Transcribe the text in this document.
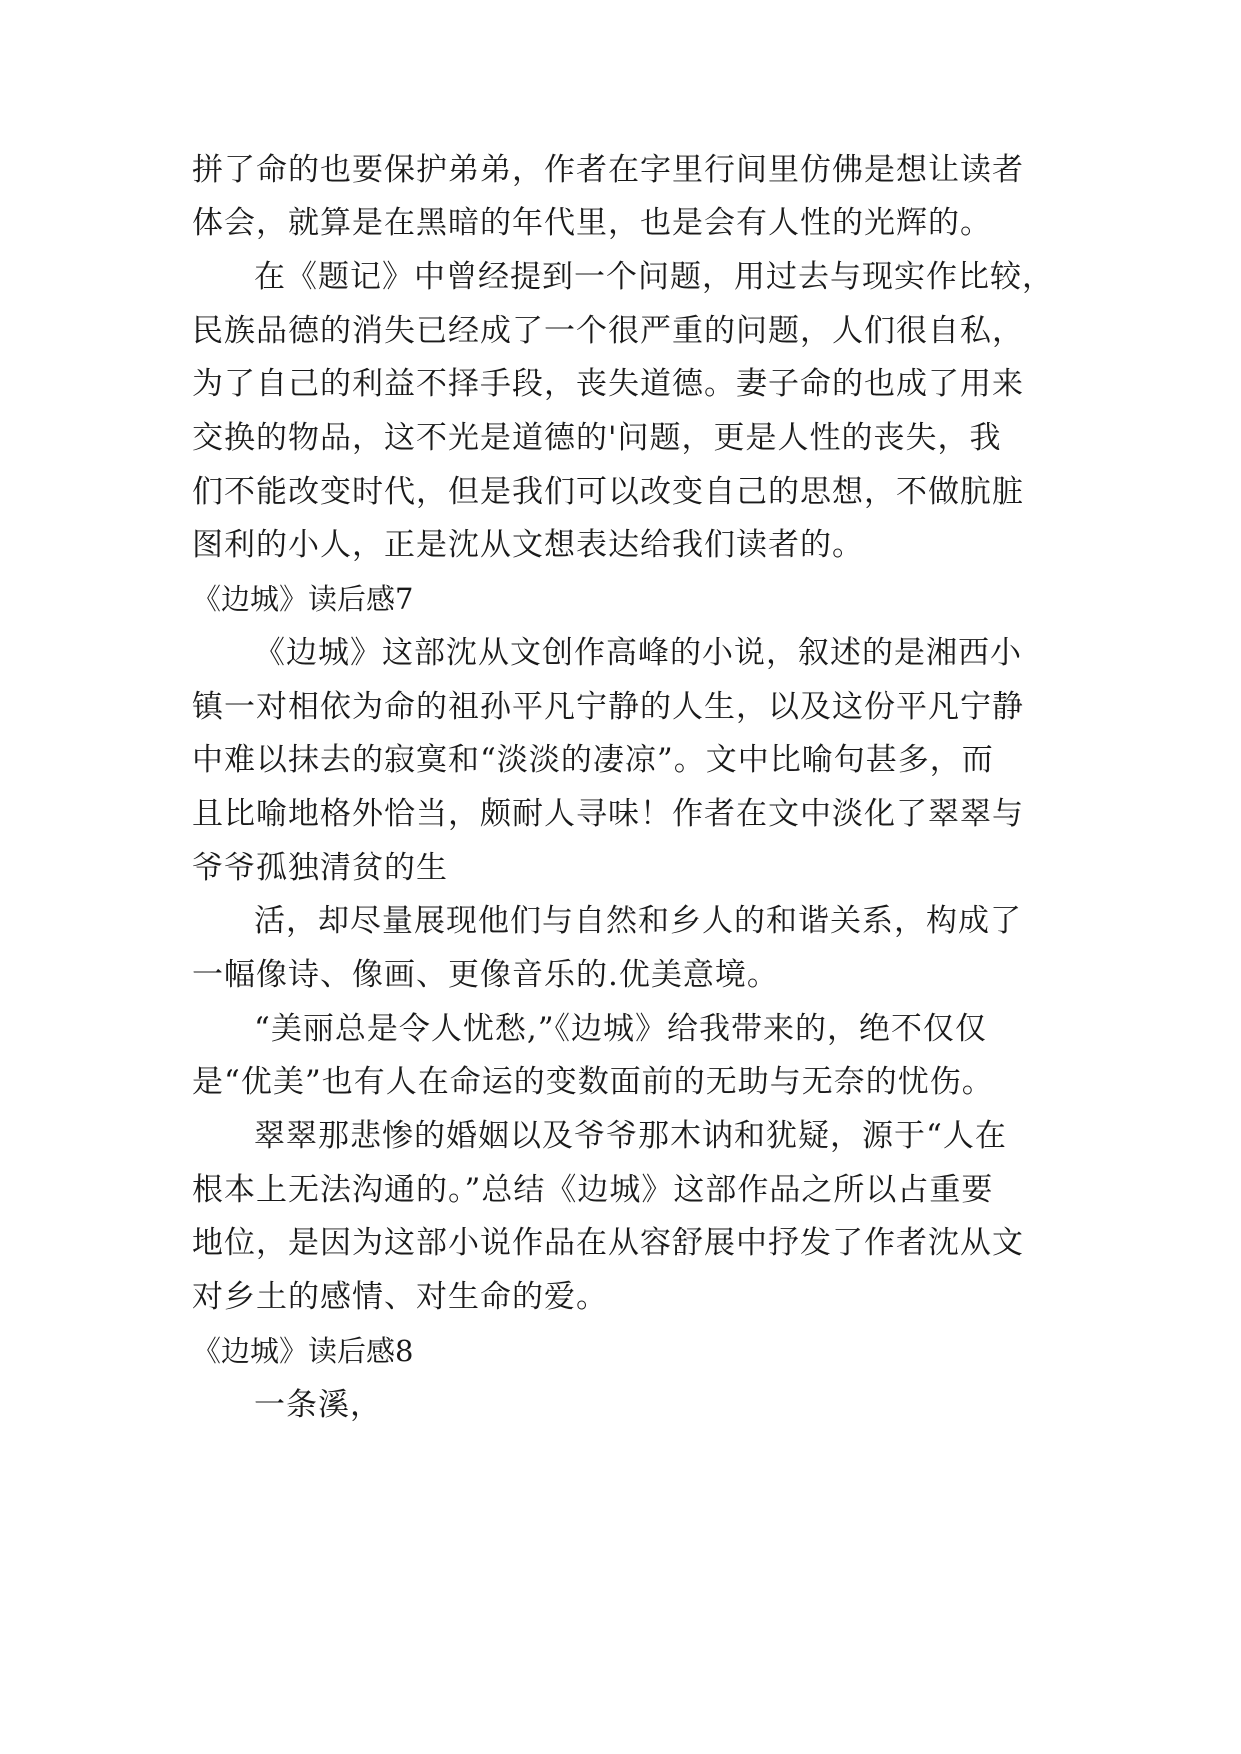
拼了命的也要保护弟弟，作者在字里行间里仿佛是想让读者
体会，就算是在黑暗的年代里，也是会有人性的光辉的。
在《题记》中曾经提到一个问题，用过去与现实作比较，
民族品德的消失已经成了一个很严重的问题，人们很自私，
为了自己的利益不择手段，丧失道德。妻子命的也成了用来
交换的物品，这不光是道德的'问题，更是人性的丧失，我
们不能改变时代，但是我们可以改变自己的思想，不做肮脏
图利的小人，正是沈从文想表达给我们读者的。
《边城》读后感7
《边城》这部沈从文创作高峰的小说，叙述的是湘西小
镇一对相依为命的祖孙平凡宁静的人生，以及这份平凡宁静
中难以抹去的寂寞和“淡淡的凄凉”。文中比喻句甚多，而
且比喻地格外恰当，颇耐人寻味！作者在文中淡化了翠翠与
爷爷孤独清贫的生
活，却尽量展现他们与自然和乡人的和谐关系，构成了
一幅像诗、像画、更像音乐的.优美意境。
“美丽总是令人忧愁,”《边城》给我带来的，绝不仅仅
是“优美”也有人在命运的变数面前的无助与无奈的忧伤。
翠翠那悲惨的婚姻以及爷爷那木讷和犹疑，源于“人在
根本上无法沟通的。”总结《边城》这部作品之所以占重要
地位，是因为这部小说作品在从容舒展中抒发了作者沈从文
对乡土的感情、对生命的爱。
《边城》读后感8
一条溪，
